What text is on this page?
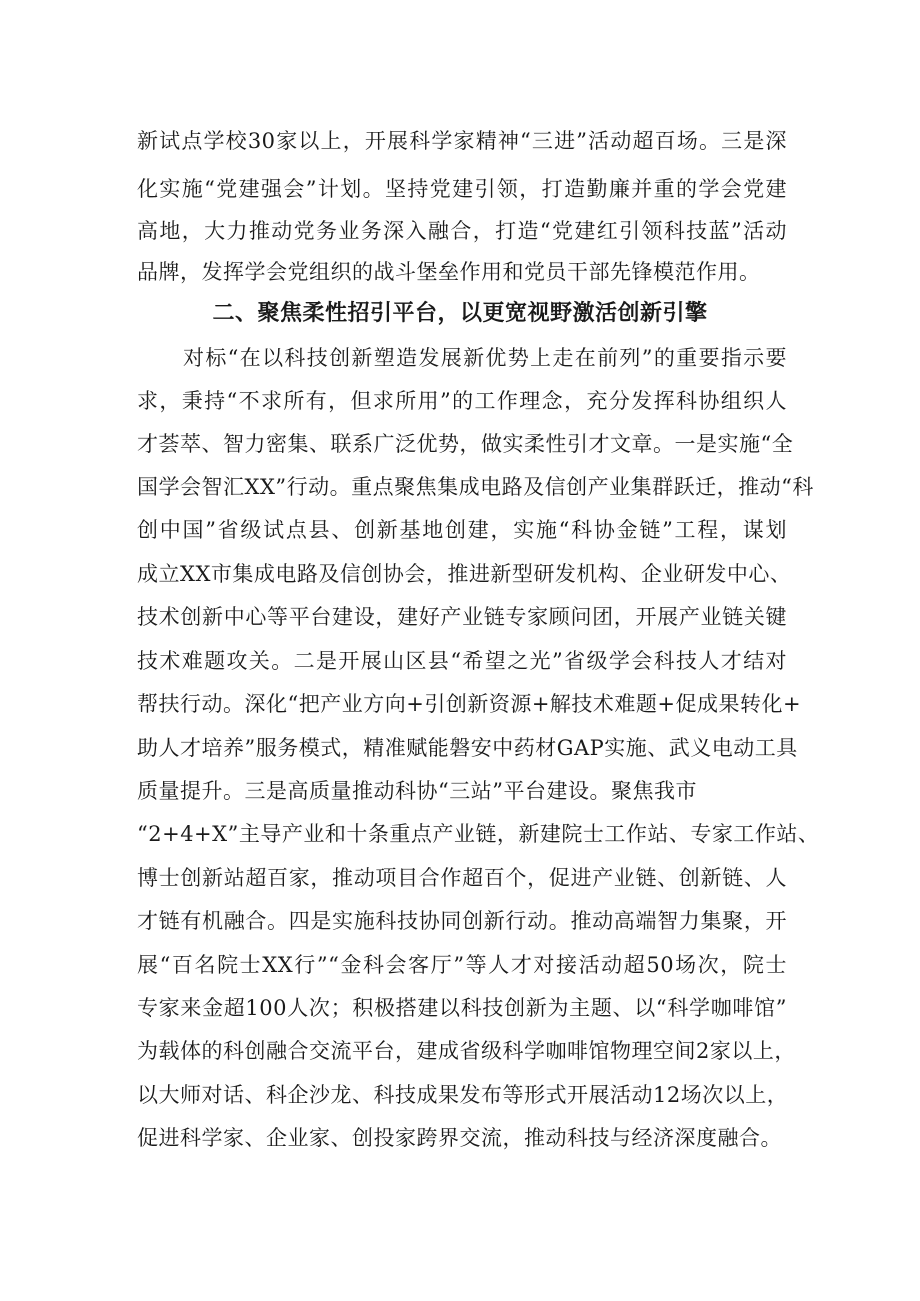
新试点学校30家以上，开展科学家精神“三进”活动超百场。三是深
化实施“党建强会”计划。坚持党建引领，打造勤廉并重的学会党建
高地，大力推动党务业务深入融合，打造“党建红引领科技蓝”活动
品牌，发挥学会党组织的战斗堡垒作用和党员干部先锋模范作用。
二、聚焦柔性招引平台，以更宽视野激活创新引擎
对标“在以科技创新塑造发展新优势上走在前列”的重要指示要
求，秉持“不求所有，但求所用”的工作理念，充分发挥科协组织人
才荟萃、智力密集、联系广泛优势，做实柔性引才文章。一是实施“全
国学会智汇XX”行动。重点聚焦集成电路及信创产业集群跃迁，推动“科
创中国”省级试点县、创新基地创建，实施“科协金链”工程，谋划
成立XX市集成电路及信创协会，推进新型研发机构、企业研发中心、
技术创新中心等平台建设，建好产业链专家顾问团，开展产业链关键
技术难题攻关。二是开展山区县“希望之光”省级学会科技人才结对
帮扶行动。深化“把产业方向+引创新资源+解技术难题+促成果转化+
助人才培养”服务模式，精准赋能磐安中药材GAP实施、武义电动工具
质量提升。三是高质量推动科协“三站”平台建设。聚焦我市
“2+4+X”主导产业和十条重点产业链，新建院士工作站、专家工作站、
博士创新站超百家，推动项目合作超百个，促进产业链、创新链、人
才链有机融合。四是实施科技协同创新行动。推动高端智力集聚，开
展“百名院士XX行”“金科会客厅”等人才对接活动超50场次，院士
专家来金超100人次；积极搭建以科技创新为主题、以“科学咖啡馆”
为载体的科创融合交流平台，建成省级科学咖啡馆物理空间2家以上，
以大师对话、科企沙龙、科技成果发布等形式开展活动12场次以上，
促进科学家、企业家、创投家跨界交流，推动科技与经济深度融合。
